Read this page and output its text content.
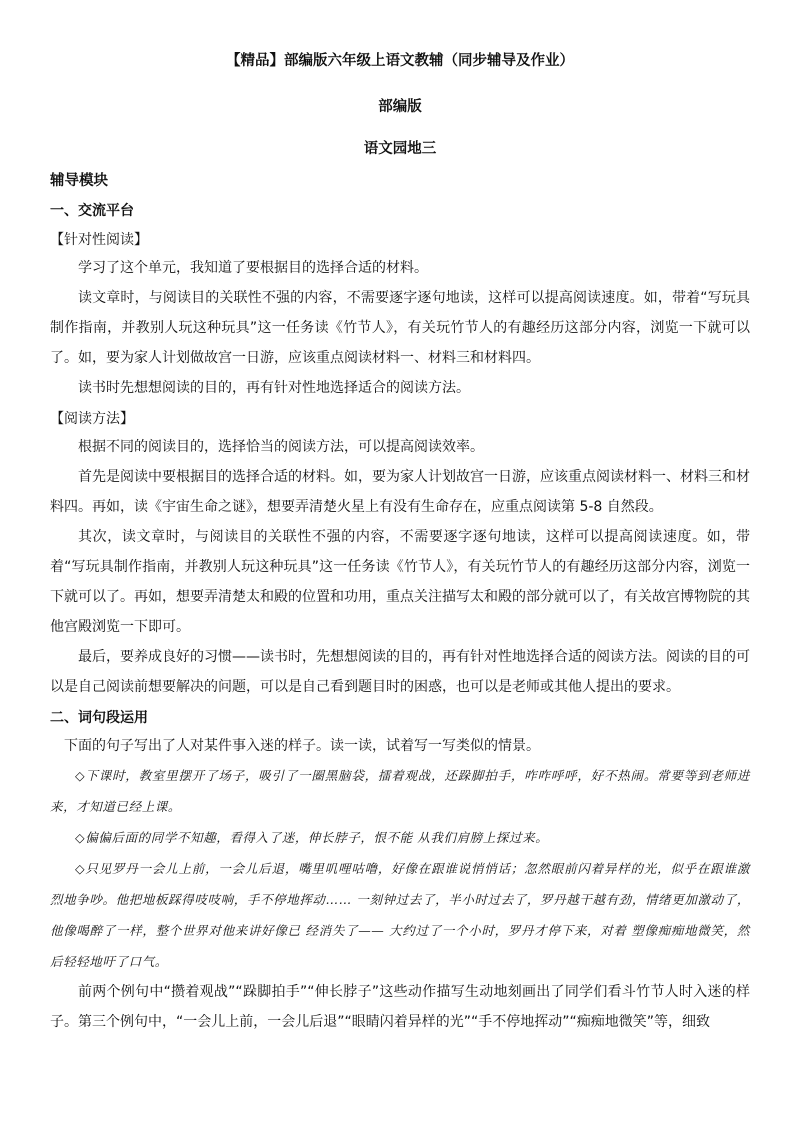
【精品】部编版六年级上语文教辅（同步辅导及作业）
部编版
语文园地三
辅导模块
一、交流平台
【针对性阅读】

学习了这个单元，我知道了要根据目的选择合适的材料。

读文章时，与阅读目的关联性不强的内容，不需要逐字逐句地读，这样可以提高阅读速度。如，带着“写玩具制作指南，并教别人玩这种玩具”这一任务读《竹节人》，有关玩竹节人的有趣经历这部分内容，浏览一下就可以了。如，要为家人计划做故宫一日游，应该重点阅读材料一、材料三和材料四。

读书时先想想阅读的目的，再有针对性地选择适合的阅读方法。

【阅读方法】

根据不同的阅读目的，选择恰当的阅读方法，可以提高阅读效率。

首先是阅读中要根据目的选择合适的材料。如，要为家人计划故宫一日游，应该重点阅读材料一、材料三和材料四。再如，读《宇宙生命之谜》，想要弄清楚火星上有没有生命存在，应重点阅读第 5-8 自然段。

其次，读文章时，与阅读目的关联性不强的内容，不需要逐字逐句地读，这样可以提高阅读速度。如，带着“写玩具制作指南，并教别人玩这种玩具”这一任务读《竹节人》，有关玩竹节人的有趣经历这部分内容，浏览一下就可以了。再如，想要弄清楚太和殿的位置和功用，重点关注描写太和殿的部分就可以了，有关故宫博物院的其他宫殿浏览一下即可。

最后，要养成良好的习惯——读书时，先想想阅读的目的，再有针对性地选择合适的阅读方法。阅读的目的可以是自己阅读前想要解决的问题，可以是自己看到题目时的困惑，也可以是老师或其他人提出的要求。

二、词句段运用

下面的句子写出了人对某件事入迷的样子。读一读，试着写一写类似的情景。

◇下课时，教室里摆开了场子，吸引了一圈黑脑袋，擂着观战，还跺脚拍手，咋咋呼呼，好不热闹。常要等到老师进 来，才知道已经上课。

◇偏偏后面的同学不知趣，看得入了迷，伸长脖子，恨不能 从我们肩膀上探过来。

◇只见罗丹一会儿上前，一会儿后退，嘴里叽哩咕噜，好像在跟谁说悄悄话；忽然眼前闪着异样的光，似乎在跟谁激烈地争吵。他把地板踩得吱吱响，手不停地挥动…… 一刻钟过去了，半小时过去了，罗丹越干越有劲，情绪更加激动了，他像喝醉了一样，整个世界对他来讲好像已 经消失了—— 大约过了一个小时，罗丹才停下来，对着 塑像痴痴地微笑，然后轻轻地吁了口气。

前两个例句中“攒着观战”“跺脚拍手”“伸长脖子”这些动作描写生动地刻画出了同学们看斗竹节人时入迷的样子。第三个例句中，“一会儿上前，一会儿后退”“眼睛闪着异样的光”“手不停地挥动”“痴痴地微笑”等，细致
